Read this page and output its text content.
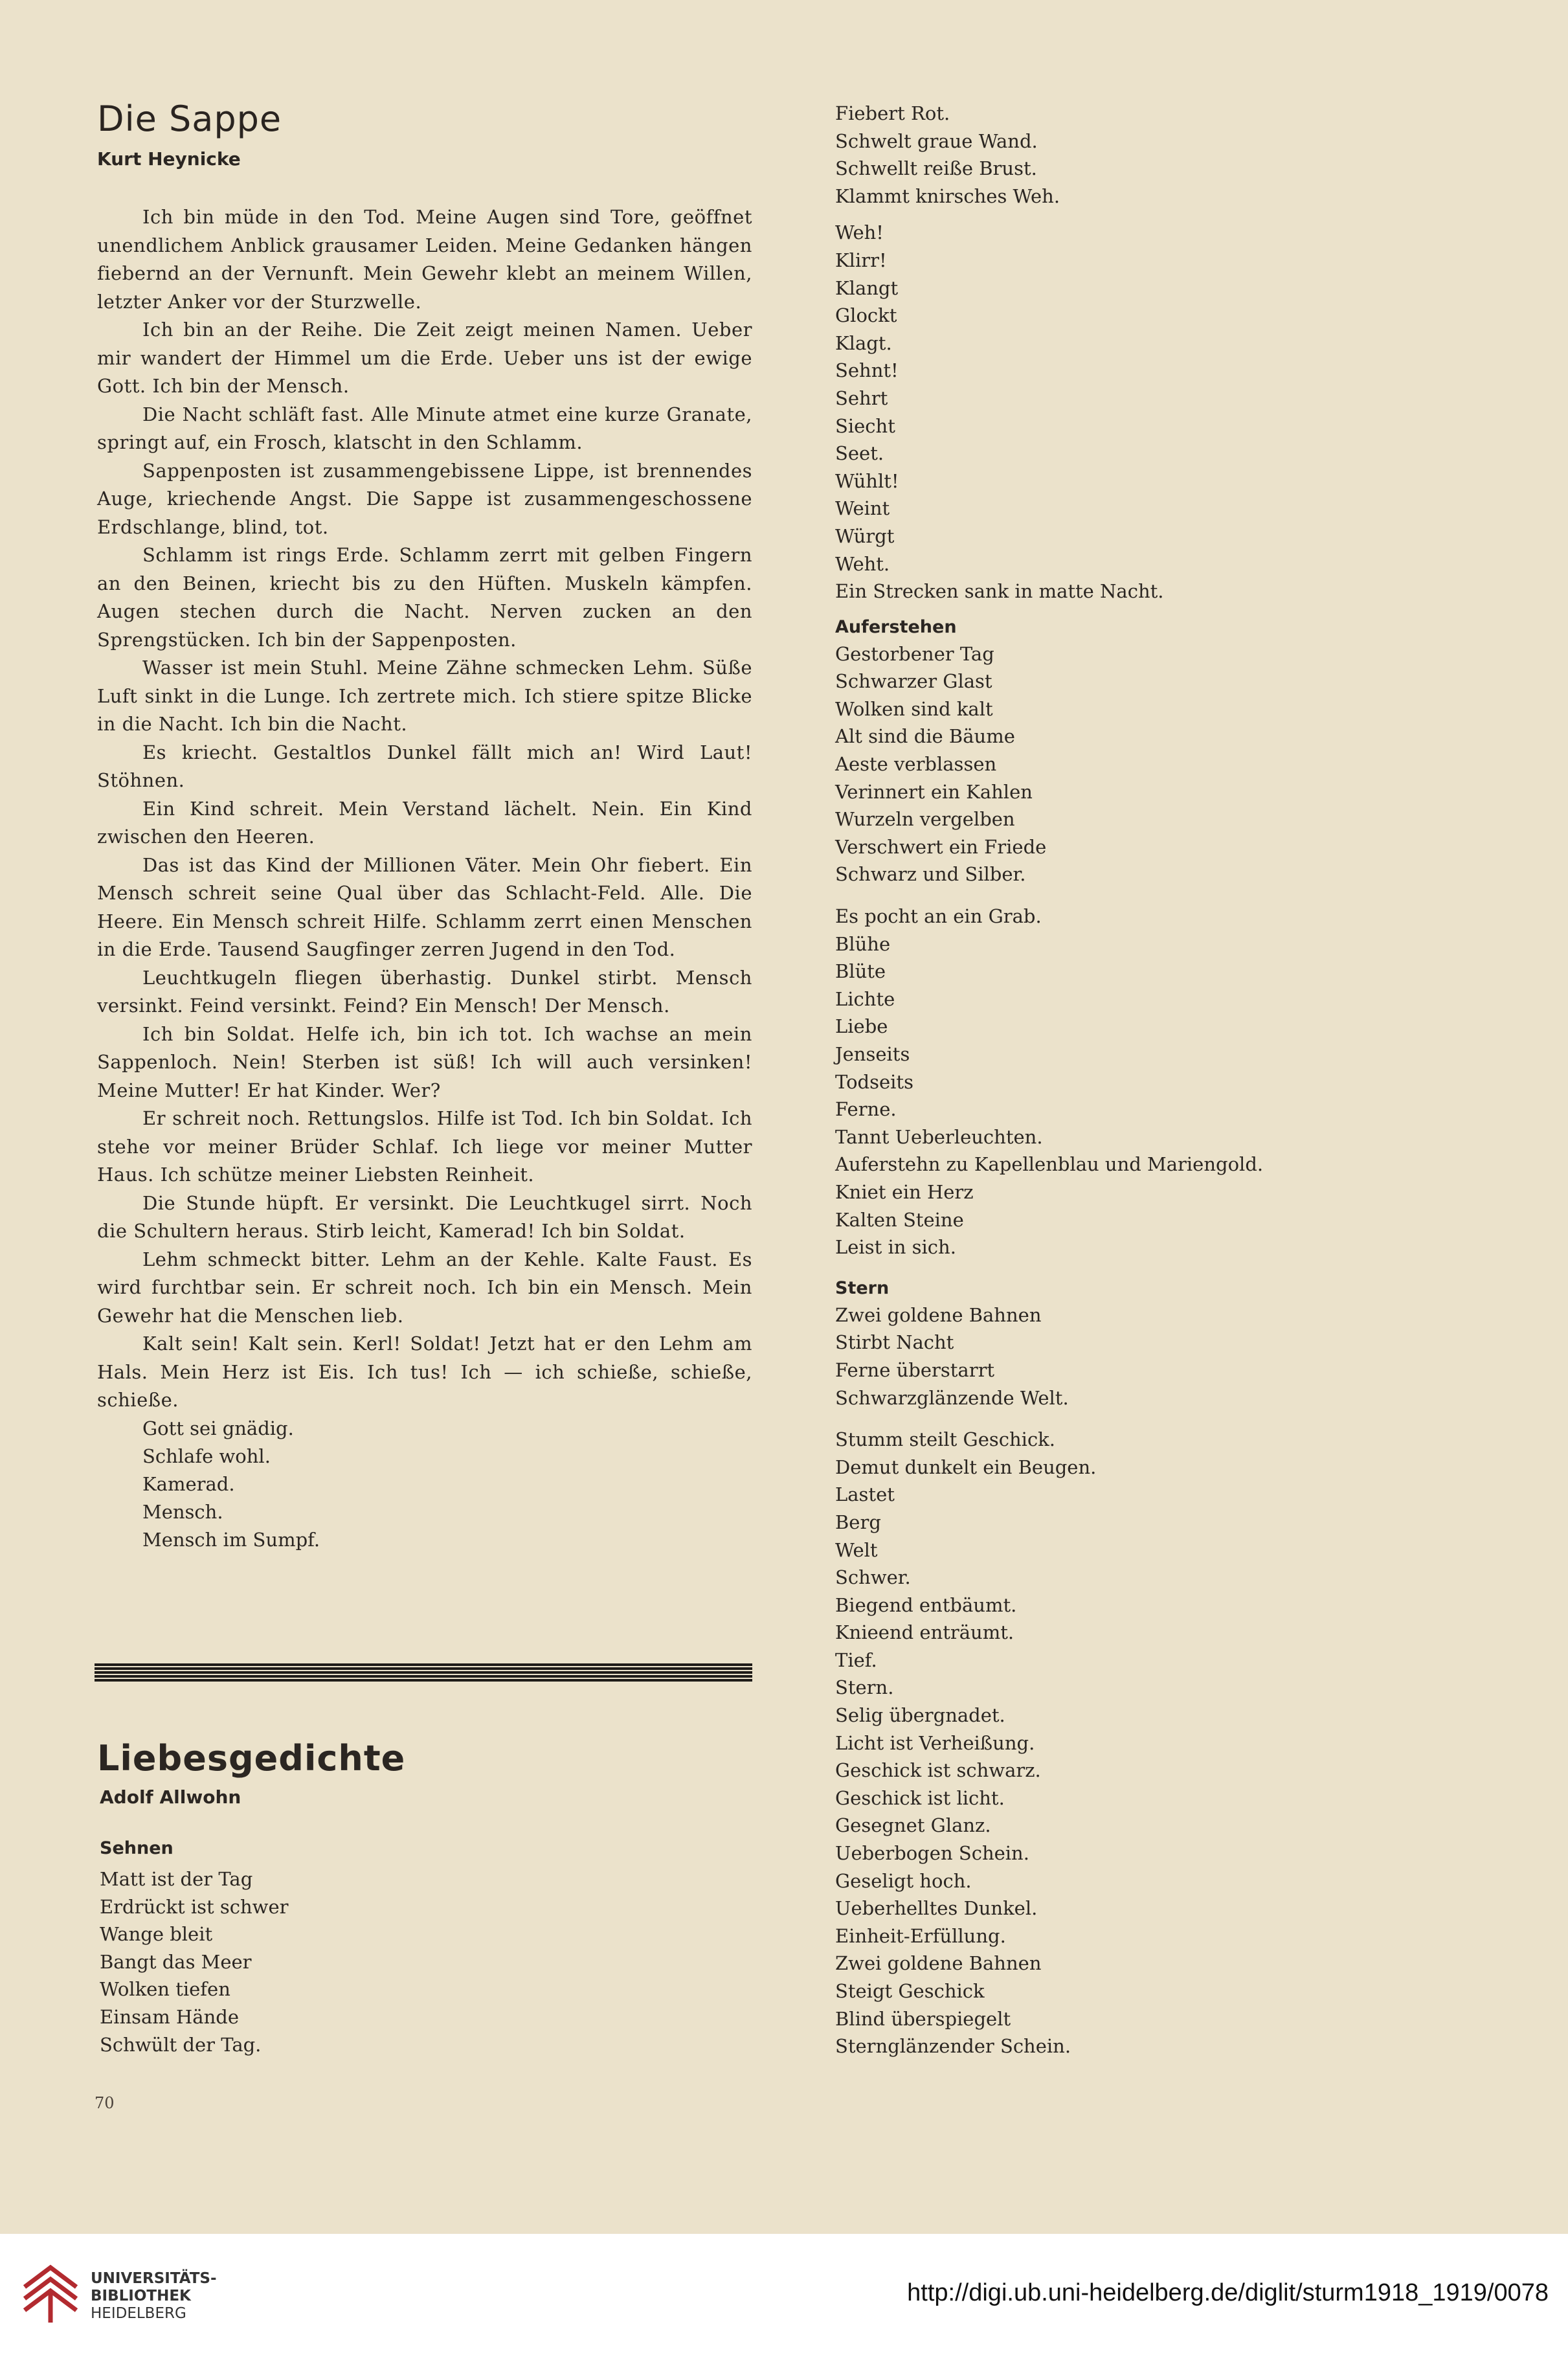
Die Sappe
Kurt Heynicke

Ich bin müde in den Tod. Meine Augen sind Tore, geöffnet unendlichem Anblick grausamer Leiden. Meine Gedanken hängen fiebernd an der Vernunft. Mein Gewehr klebt an meinem Willen, letzter Anker vor der Sturzwelle.

Ich bin an der Reihe. Die Zeit zeigt meinen Namen. Ueber mir wandert der Himmel um die Erde. Ueber uns ist der ewige Gott. Ich bin der Mensch.

Die Nacht schläft fast. Alle Minute atmet eine kurze Granate, springt auf, ein Frosch, klatscht in den Schlamm.

Sappenposten ist zusammengebissene Lippe, ist brennendes Auge, kriechende Angst. Die Sappe ist zusammengeschossene Erdschlange, blind, tot.

Schlamm ist rings Erde. Schlamm zerrt mit gelben Fingern an den Beinen, kriecht bis zu den Hüften. Muskeln kämpfen. Augen stechen durch die Nacht. Nerven zucken an den Sprengstücken. Ich bin der Sappenposten.

Wasser ist mein Stuhl. Meine Zähne schmecken Lehm. Süße Luft sinkt in die Lunge. Ich zertrete mich. Ich stiere spitze Blicke in die Nacht. Ich bin die Nacht.

Es kriecht. Gestaltlos Dunkel fällt mich an! Wird Laut! Stöhnen.

Ein Kind schreit. Mein Verstand lächelt. Nein. Ein Kind zwischen den Heeren.

Das ist das Kind der Millionen Väter. Mein Ohr fiebert. Ein Mensch schreit seine Qual über das Schlacht-Feld. Alle. Die Heere. Ein Mensch schreit Hilfe. Schlamm zerrt einen Menschen in die Erde. Tausend Saugfinger zerren Jugend in den Tod.

Leuchtkugeln fliegen überhastig. Dunkel stirbt. Mensch versinkt. Feind versinkt. Feind? Ein Mensch! Der Mensch.

Ich bin Soldat. Helfe ich, bin ich tot. Ich wachse an mein Sappenloch. Nein! Sterben ist süß! Ich will auch versinken! Meine Mutter! Er hat Kinder. Wer?

Er schreit noch. Rettungslos. Hilfe ist Tod. Ich bin Soldat. Ich stehe vor meiner Brüder Schlaf. Ich liege vor meiner Mutter Haus. Ich schütze meiner Liebsten Reinheit.

Die Stunde hüpft. Er versinkt. Die Leuchtkugel sirrt. Noch die Schultern heraus. Stirb leicht, Kamerad! Ich bin Soldat.

Lehm schmeckt bitter. Lehm an der Kehle. Kalte Faust. Es wird furchtbar sein. Er schreit noch. Ich bin ein Mensch. Mein Gewehr hat die Menschen lieb.

Kalt sein! Kalt sein. Kerl! Soldat! Jetzt hat er den Lehm am Hals. Mein Herz ist Eis. Ich tus! Ich — ich schieße, schieße, schieße.

Gott sei gnädig.
Schlafe wohl.
Kamerad.
Mensch.
Mensch im Sumpf.
Liebesgedichte
Adolf Allwohn
Sehnen
Matt ist der Tag
Erdrückt ist schwer
Wange bleit
Bangt das Meer
Wolken tiefen
Einsam Hände
Schwült der Tag.
70
Fiebert Rot.
Schwelt graue Wand.
Schwellt reiße Brust.
Klammt knirsches Weh.
Weh!
Klirr!
Klangt
Glockt
Klagt.
Sehnt!
Sehrt
Siecht
Seet.
Wühlt!
Weint
Würgt
Weht.
Ein Strecken sank in matte Nacht.
Auferstehen
Gestorbener Tag
Schwarzer Glast
Wolken sind kalt
Alt sind die Bäume
Aeste verblassen
Verinnert ein Kahlen
Wurzeln vergelben
Verschwert ein Friede
Schwarz und Silber.
Es pocht an ein Grab.
Blühe
Blüte
Lichte
Liebe
Jenseits
Todseits
Ferne.
Tannt Ueberleuchten.
Auferstehn zu Kapellenblau und Mariengold.
Kniet ein Herz
Kalten Steine
Leist in sich.
Stern
Zwei goldene Bahnen
Stirbt Nacht
Ferne überstarrt
Schwarzglänzende Welt.
Stumm steilt Geschick.
Demut dunkelt ein Beugen.
Lastet
Berg
Welt
Schwer.
Biegend entbäumt.
Knieend enträumt.
Tief.
Stern.
Selig übergnadet.
Licht ist Verheißung.
Geschick ist schwarz.
Geschick ist licht.
Gesegnet Glanz.
Ueberbogen Schein.
Geseligt hoch.
Ueberhelltes Dunkel.
Einheit-Erfüllung.
Zwei goldene Bahnen
Steigt Geschick
Blind überspiegelt
Sternglänzender Schein.
UNIVERSITÄTS-
BIBLIOTHEK
HEIDELBERG
http://digi.ub.uni-heidelberg.de/diglit/sturm1918_1919/0078
